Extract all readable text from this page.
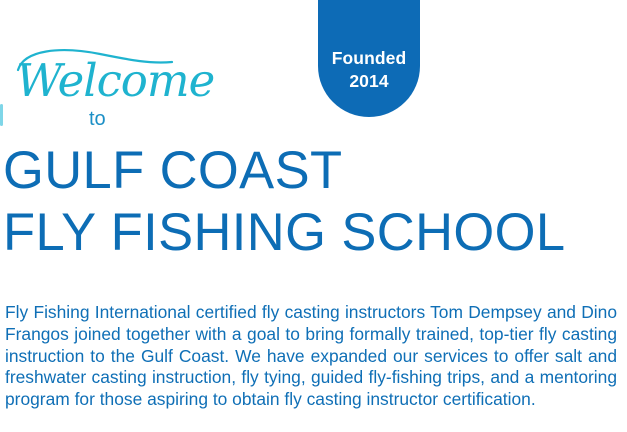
Founded
2014
Welcome
to
GULF COAST
FLY FISHING SCHOOL

Fly Fishing International certified fly casting instructors Tom Dempsey and Dino Frangos joined together with a goal to bring formally trained, top-tier fly casting instruction to the Gulf Coast. We have expanded our services to offer salt and freshwater casting instruction, fly tying, guided fly-fishing trips, and a mentoring program for those aspiring to obtain fly casting instructor certification.
